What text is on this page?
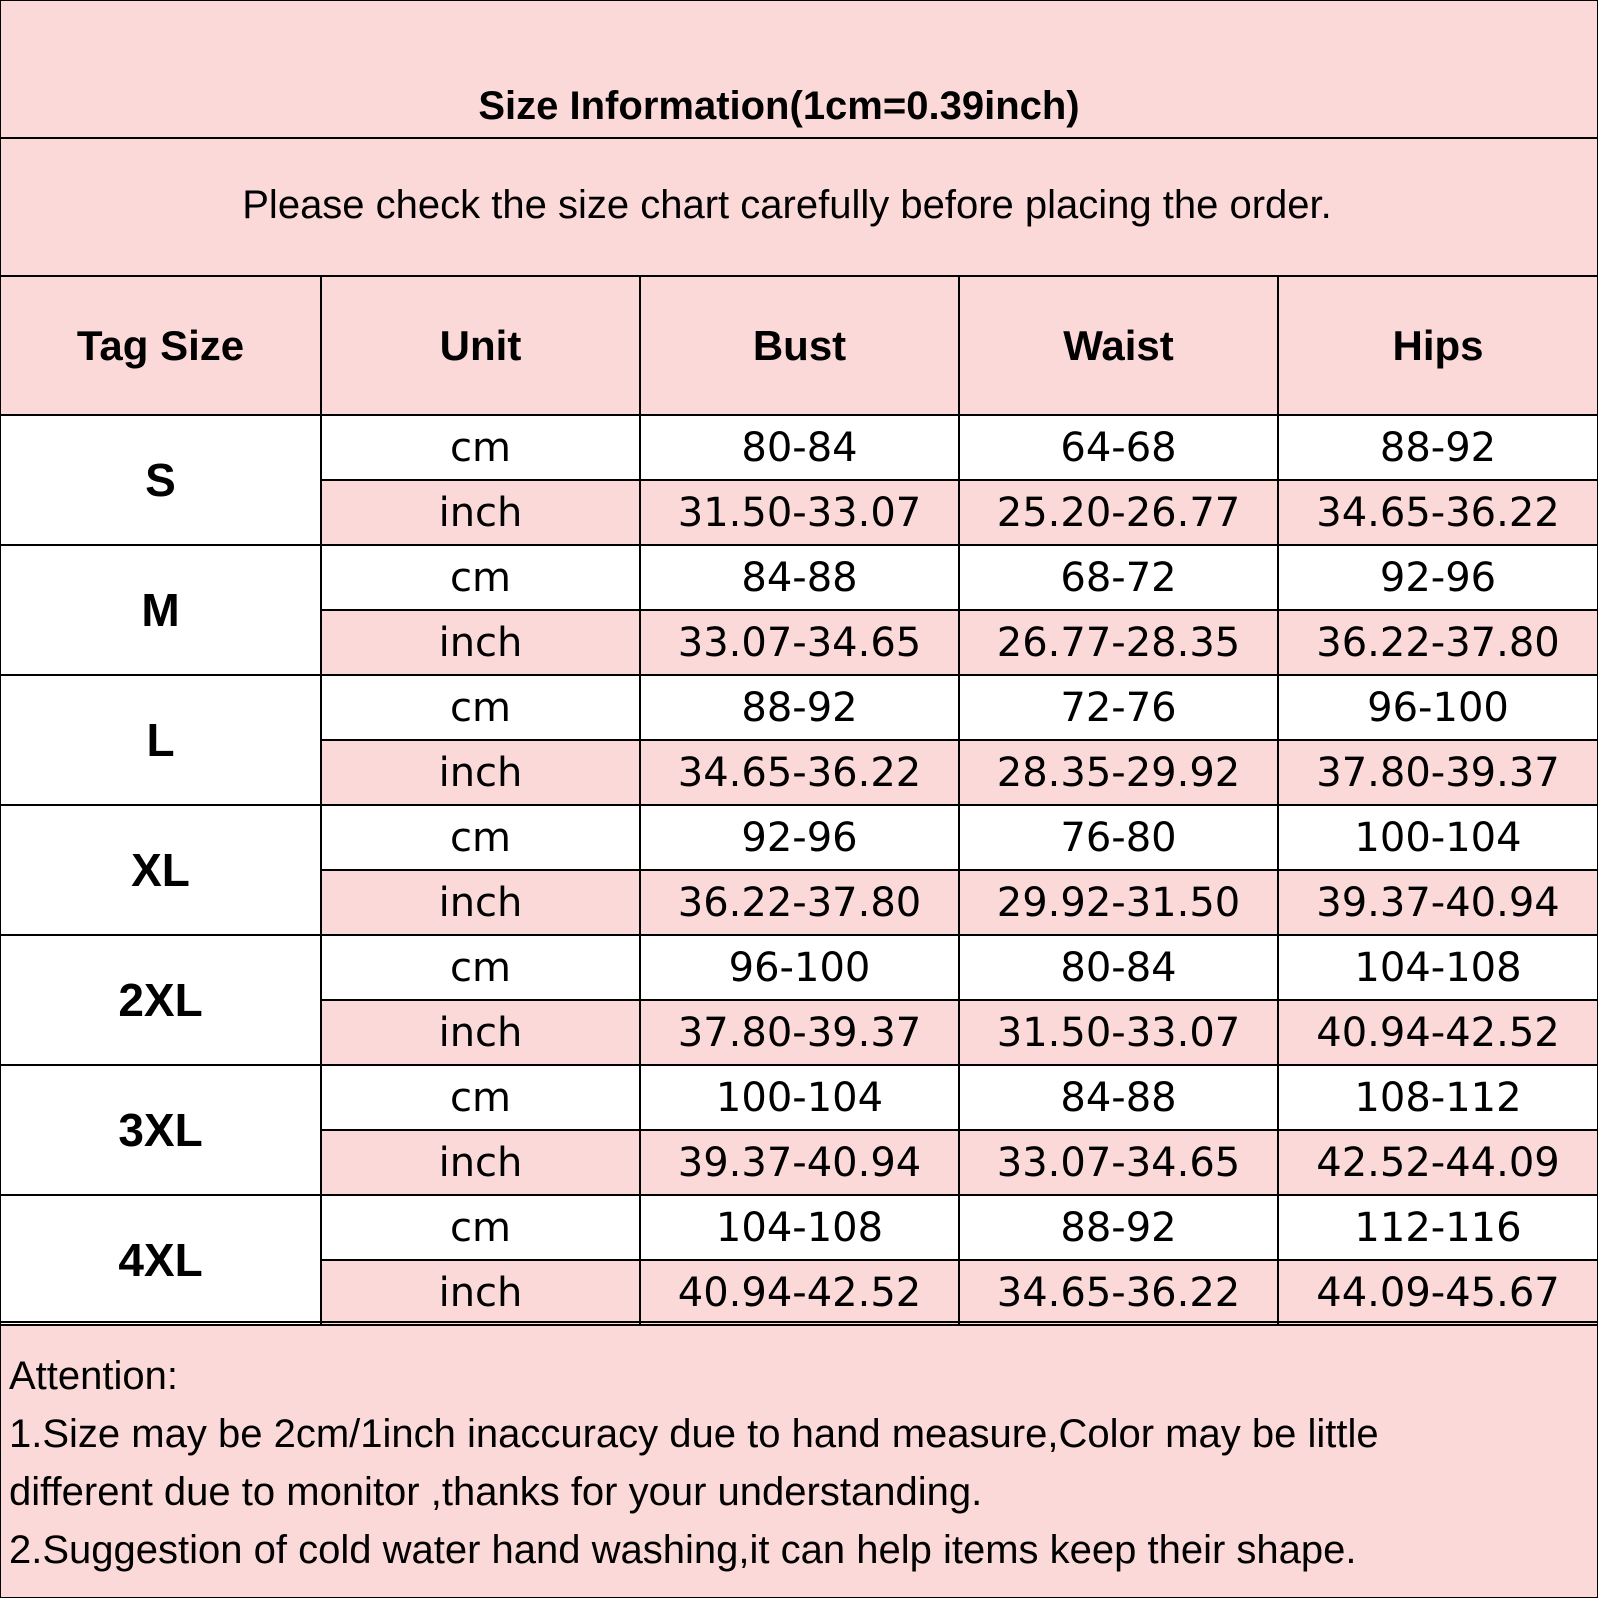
Size Information(1cm=0.39inch)
Please check the size chart carefully before placing the order.
Tag Size	Unit	Bust	Waist	Hips
S	cm	80-84	64-68	88-92
	inch	31.50-33.07	25.20-26.77	34.65-36.22
M	cm	84-88	68-72	92-96
	inch	33.07-34.65	26.77-28.35	36.22-37.80
L	cm	88-92	72-76	96-100
	inch	34.65-36.22	28.35-29.92	37.80-39.37
XL	cm	92-96	76-80	100-104
	inch	36.22-37.80	29.92-31.50	39.37-40.94
2XL	cm	96-100	80-84	104-108
	inch	37.80-39.37	31.50-33.07	40.94-42.52
3XL	cm	100-104	84-88	108-112
	inch	39.37-40.94	33.07-34.65	42.52-44.09
4XL	cm	104-108	88-92	112-116
	inch	40.94-42.52	34.65-36.22	44.09-45.67
Attention:
1.Size may be 2cm/1inch inaccuracy due to hand measure,Color may be little
different due to monitor ,thanks for your understanding.
2.Suggestion of cold water hand washing,it can help items keep their shape.
